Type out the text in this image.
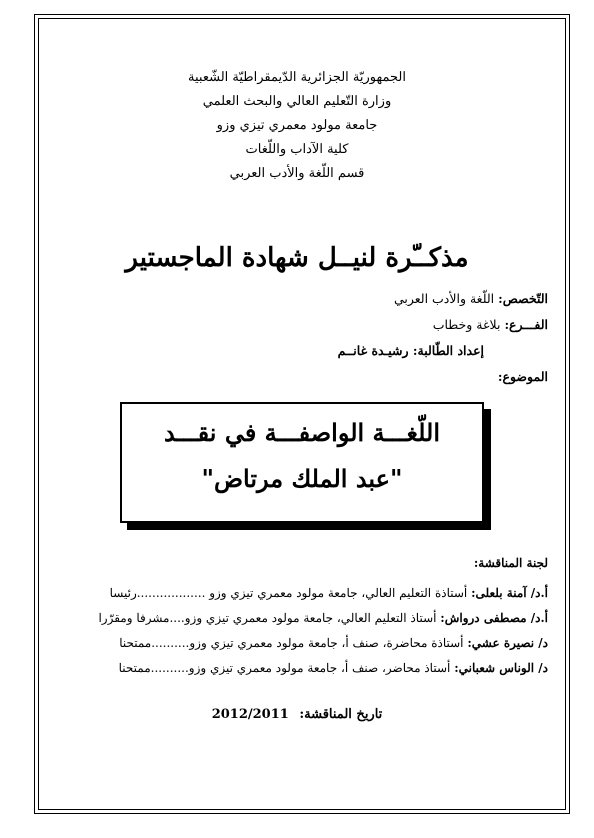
الجمهوريّة الجزائرية الدّيمقراطيّة الشّعبية
وزارة التّعليم العالي والبحث العلمي
جامعة مولود معمري تيزي وزو
كلية الآداب واللّغات
قسم اللّغة والأدب العربي
مذكــّرة لنيــل شهادة الماجستير
التّخصص: اللّغة والأدب العربي
الفـــرع: بلاغة وخطاب
إعداد الطّالبة: رشيـدة غانــم
الموضوع:
اللّغـــة الواصفـــة في نقـــد
"عبد الملك مرتاض"
لجنة المناقشة:
أ.د/ آمنة بلعلى: أستاذة التعليم العالي، جامعة مولود معمري تيزي وزو ..................رئيسا
أ.د/ مصطفى درواش: أستاذ التعليم العالي، جامعة مولود معمري تيزي وزو....مشرفا ومقرّرا
د/ نصيرة عشي: أستاذة محاضرة، صنف أ، جامعة مولود معمري تيزي وزو..........ممتحنا
د/ الوناس شعباني: أستاذ محاضر، صنف أ، جامعة مولود معمري تيزي وزو..........ممتحنا
تاريخ المناقشة: 2012/2011
